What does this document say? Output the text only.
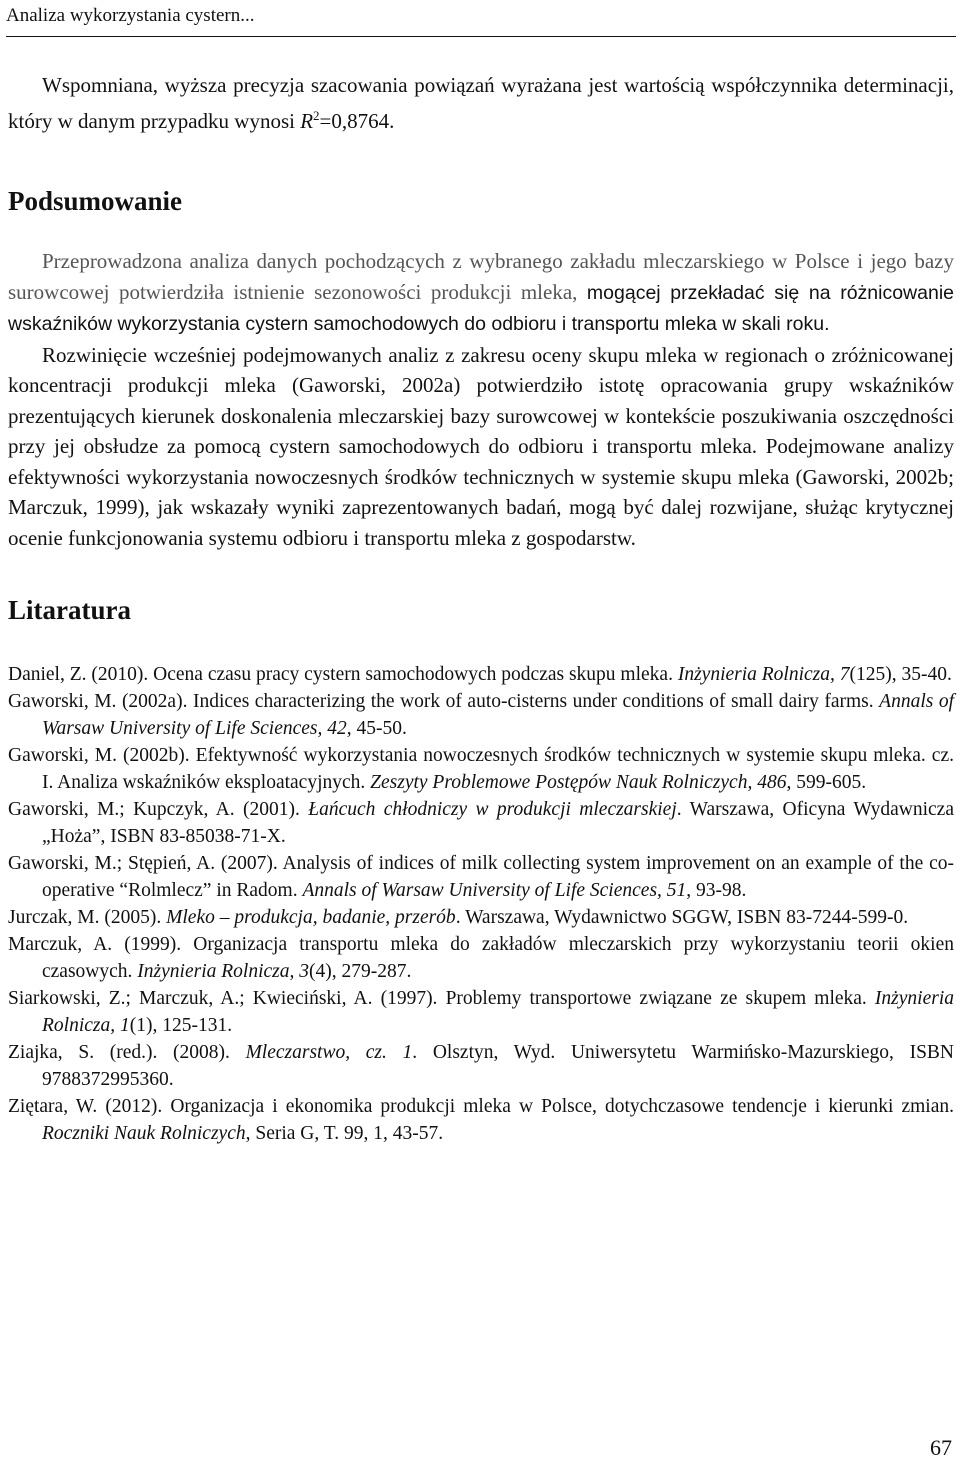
Analiza wykorzystania cystern...

Wspomniana, wyższa precyzja szacowania powiązań wyrażana jest wartością współczynnika determinacji, który w danym przypadku wynosi $R^2=0,8764$.

Podsumowanie

Przeprowadzona analiza danych pochodzących z wybranego zakładu mleczarskiego w Polsce i jego bazy surowcowej potwierdziła istnienie sezonowości produkcji mleka, mogącej przekładać się na różnicowanie wskaźników wykorzystania cystern samochodowych do odbioru i transportu mleka w skali roku.

Rozwinięcie wcześniej podejmowanych analiz z zakresu oceny skupu mleka w regionach o zróżnicowanej koncentracji produkcji mleka (Gaworski, 2002a) potwierdziło istotę opracowania grupy wskaźników prezentujących kierunek doskonalenia mleczarskiej bazy surowcowej w kontekście poszukiwania oszczędności przy jej obsłudze za pomocą cystern samochodowych do odbioru i transportu mleka. Podejmowane analizy efektywności wykorzystania nowoczesnych środków technicznych w systemie skupu mleka (Gaworski, 2002b; Marczuk, 1999), jak wskazały wyniki zaprezentowanych badań, mogą być dalej rozwijane, służąc krytycznej ocenie funkcjonowania systemu odbioru i transportu mleka z gospodarstw.

Litaratura

Daniel, Z. (2010). Ocena czasu pracy cystern samochodowych podczas skupu mleka. Inżynieria Rolnicza, 7(125), 35-40.

Gaworski, M. (2002a). Indices characterizing the work of auto-cisterns under conditions of small dairy farms. Annals of Warsaw University of Life Sciences, 42, 45-50.

Gaworski, M. (2002b). Efektywność wykorzystania nowoczesnych środków technicznych w systemie skupu mleka. cz. I. Analiza wskaźników eksploatacyjnych. Zeszyty Problemowe Postępów Nauk Rolniczych, 486, 599-605.

Gaworski, M.; Kupczyk, A. (2001). Łańcuch chłodniczy w produkcji mleczarskiej. Warszawa, Oficyna Wydawnicza „Hoża”, ISBN 83-85038-71-X.

Gaworski, M.; Stępień, A. (2007). Analysis of indices of milk collecting system improvement on an example of the co-operative “Rolmlecz” in Radom. Annals of Warsaw University of Life Sciences, 51, 93-98.

Jurczak, M. (2005). Mleko – produkcja, badanie, przerób. Warszawa, Wydawnictwo SGGW, ISBN 83-7244-599-0.

Marczuk, A. (1999). Organizacja transportu mleka do zakładów mleczarskich przy wykorzystaniu teorii okien czasowych. Inżynieria Rolnicza, 3(4), 279-287.

Siarkowski, Z.; Marczuk, A.; Kwieciński, A. (1997). Problemy transportowe związane ze skupem mleka. Inżynieria Rolnicza, 1(1), 125-131.

Ziajka, S. (red.). (2008). Mleczarstwo, cz. 1. Olsztyn, Wyd. Uniwersytetu Warmińsko-Mazurskiego, ISBN 9788372995360.

Ziętara, W. (2012). Organizacja i ekonomika produkcji mleka w Polsce, dotychczasowe tendencje i kierunki zmian. Roczniki Nauk Rolniczych, Seria G, T. 99, 1, 43-57.

67
